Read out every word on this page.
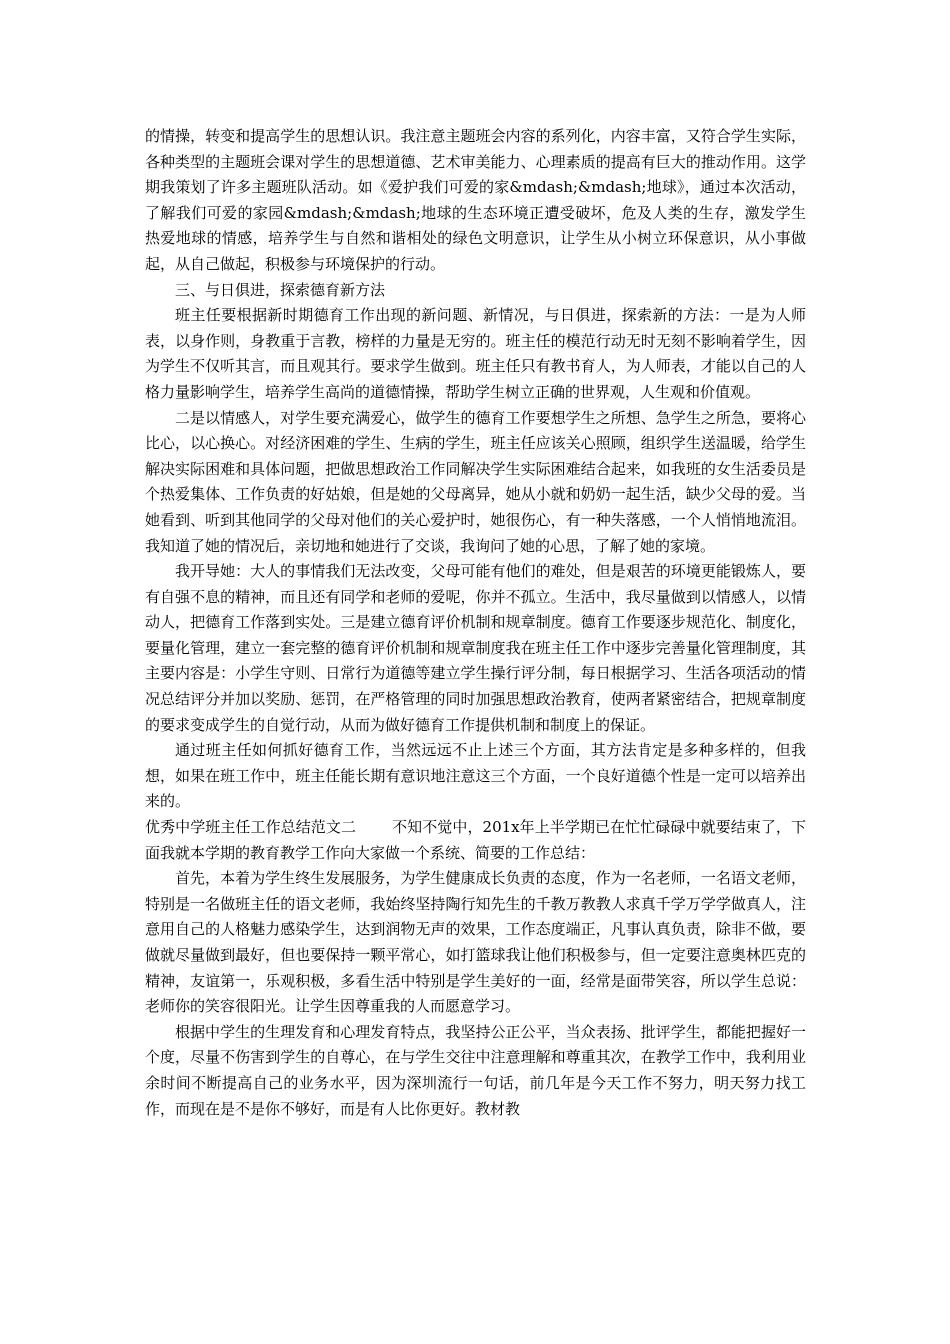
的情操，转变和提高学生的思想认识。我注意主题班会内容的系列化，内容丰富，又符合学生实际，各种类型的主题班会课对学生的思想道德、艺术审美能力、心理素质的提高有巨大的推动作用。这学期我策划了许多主题班队活动。如《爱护我们可爱的家&mdash;&mdash;地球》，通过本次活动，了解我们可爱的家园&mdash;&mdash;地球的生态环境正遭受破坏，危及人类的生存，激发学生热爱地球的情感，培养学生与自然和谐相处的绿色文明意识，让学生从小树立环保意识，从小事做起，从自己做起，积极参与环境保护的行动。

三、与日俱进，探索德育新方法

班主任要根据新时期德育工作出现的新问题、新情况，与日俱进，探索新的方法：一是为人师表，以身作则，身教重于言教，榜样的力量是无穷的。班主任的模范行动无时无刻不影响着学生，因为学生不仅听其言，而且观其行。要求学生做到。班主任只有教书育人，为人师表，才能以自己的人格力量影响学生，培养学生高尚的道德情操，帮助学生树立正确的世界观，人生观和价值观。

二是以情感人，对学生要充满爱心，做学生的德育工作要想学生之所想、急学生之所急，要将心比心，以心换心。对经济困难的学生、生病的学生，班主任应该关心照顾，组织学生送温暖，给学生解决实际困难和具体问题，把做思想政治工作同解决学生实际困难结合起来，如我班的女生活委员是个热爱集体、工作负责的好姑娘，但是她的父母离异，她从小就和奶奶一起生活，缺少父母的爱。当她看到、听到其他同学的父母对他们的关心爱护时，她很伤心，有一种失落感，一个人悄悄地流泪。我知道了她的情况后，亲切地和她进行了交谈，我询问了她的心思，了解了她的家境。

我开导她：大人的事情我们无法改变，父母可能有他们的难处，但是艰苦的环境更能锻炼人，要有自强不息的精神，而且还有同学和老师的爱呢，你并不孤立。生活中，我尽量做到以情感人，以情动人，把德育工作落到实处。三是建立德育评价机制和规章制度。德育工作要逐步规范化、制度化，要量化管理，建立一套完整的德育评价机制和规章制度我在班主任工作中逐步完善量化管理制度，其主要内容是：小学生守则、日常行为道德等建立学生操行评分制，每日根据学习、生活各项活动的情况总结评分并加以奖励、惩罚，在严格管理的同时加强思想政治教育，使两者紧密结合，把规章制度的要求变成学生的自觉行动，从而为做好德育工作提供机制和制度上的保证。

通过班主任如何抓好德育工作，当然远远不止上述三个方面，其方法肯定是多种多样的，但我想，如果在班工作中，班主任能长期有意识地注意这三个方面，一个良好道德个性是一定可以培养出来的。

优秀中学班主任工作总结范文二 不知不觉中，201x年上半学期已在忙忙碌碌中就要结束了，下面我就本学期的教育教学工作向大家做一个系统、简要的工作总结：

首先，本着为学生终生发展服务，为学生健康成长负责的态度，作为一名老师，一名语文老师，特别是一名做班主任的语文老师，我始终坚持陶行知先生的千教万教教人求真千学万学学做真人，注意用自己的人格魅力感染学生，达到润物无声的效果，工作态度端正，凡事认真负责，除非不做，要做就尽量做到最好，但也要保持一颗平常心，如打篮球我让他们积极参与，但一定要注意奥林匹克的精神，友谊第一，乐观积极，多看生活中特别是学生美好的一面，经常是面带笑容，所以学生总说：老师你的笑容很阳光。让学生因尊重我的人而愿意学习。

根据中学生的生理发育和心理发育特点，我坚持公正公平，当众表扬、批评学生，都能把握好一个度，尽量不伤害到学生的自尊心，在与学生交往中注意理解和尊重其次，在教学工作中，我利用业余时间不断提高自己的业务水平，因为深圳流行一句话，前几年是今天工作不努力，明天努力找工作，而现在是不是你不够好，而是有人比你更好。教材教
